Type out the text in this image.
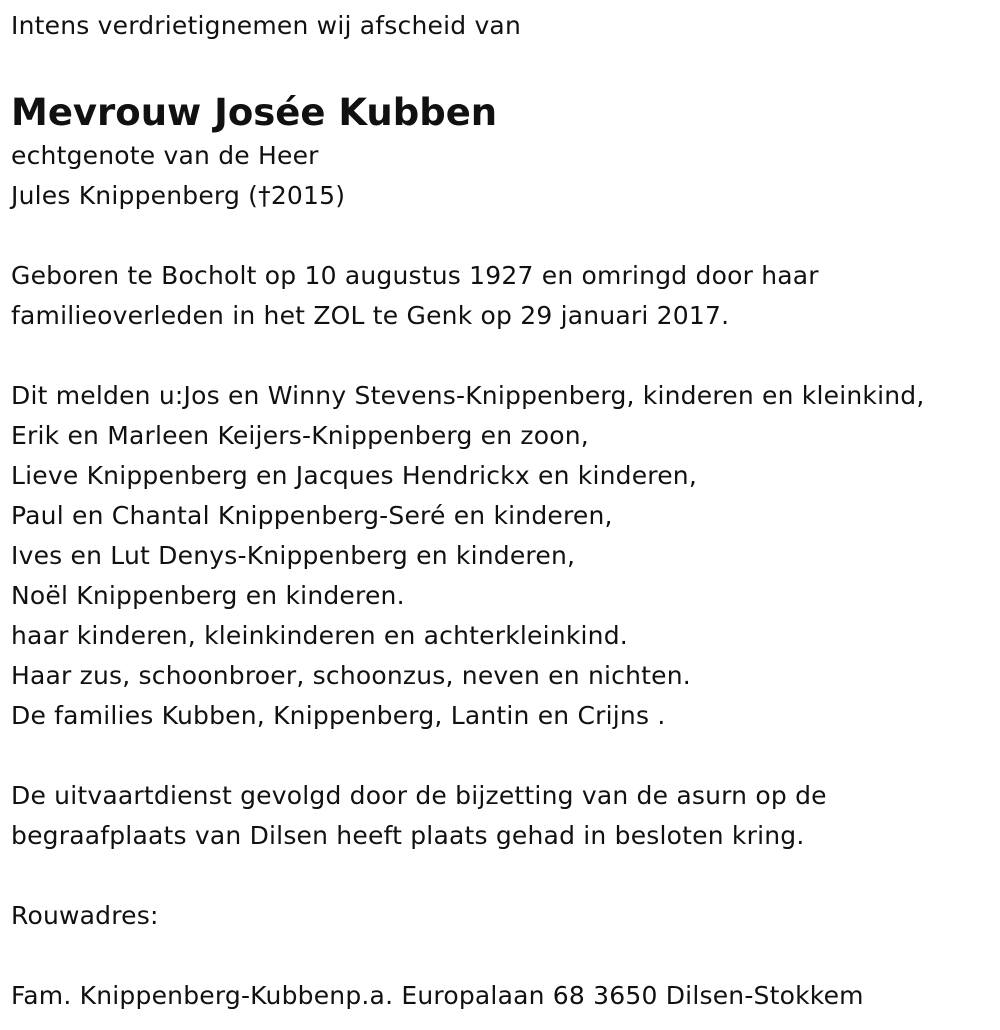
Intens verdrietignemen wij afscheid van
Mevrouw Josée Kubben
echtgenote van de Heer
Jules Knippenberg (†2015)
Geboren te Bocholt op 10 augustus 1927 en omringd door haar
familieoverleden in het ZOL te Genk op 29 januari 2017.
Dit melden u:Jos en Winny Stevens-Knippenberg, kinderen en kleinkind,
Erik en Marleen Keijers-Knippenberg en zoon,
Lieve Knippenberg en Jacques Hendrickx en kinderen,
Paul en Chantal Knippenberg-Seré en kinderen,
Ives en Lut Denys-Knippenberg en kinderen,
Noël Knippenberg en kinderen.
haar kinderen, kleinkinderen en achterkleinkind.
Haar zus, schoonbroer, schoonzus, neven en nichten.
De families Kubben, Knippenberg, Lantin en Crijns .
De uitvaartdienst gevolgd door de bijzetting van de asurn op de
begraafplaats van Dilsen heeft plaats gehad in besloten kring.
Rouwadres:
Fam. Knippenberg-Kubbenp.a. Europalaan 68 3650 Dilsen-Stokkem
